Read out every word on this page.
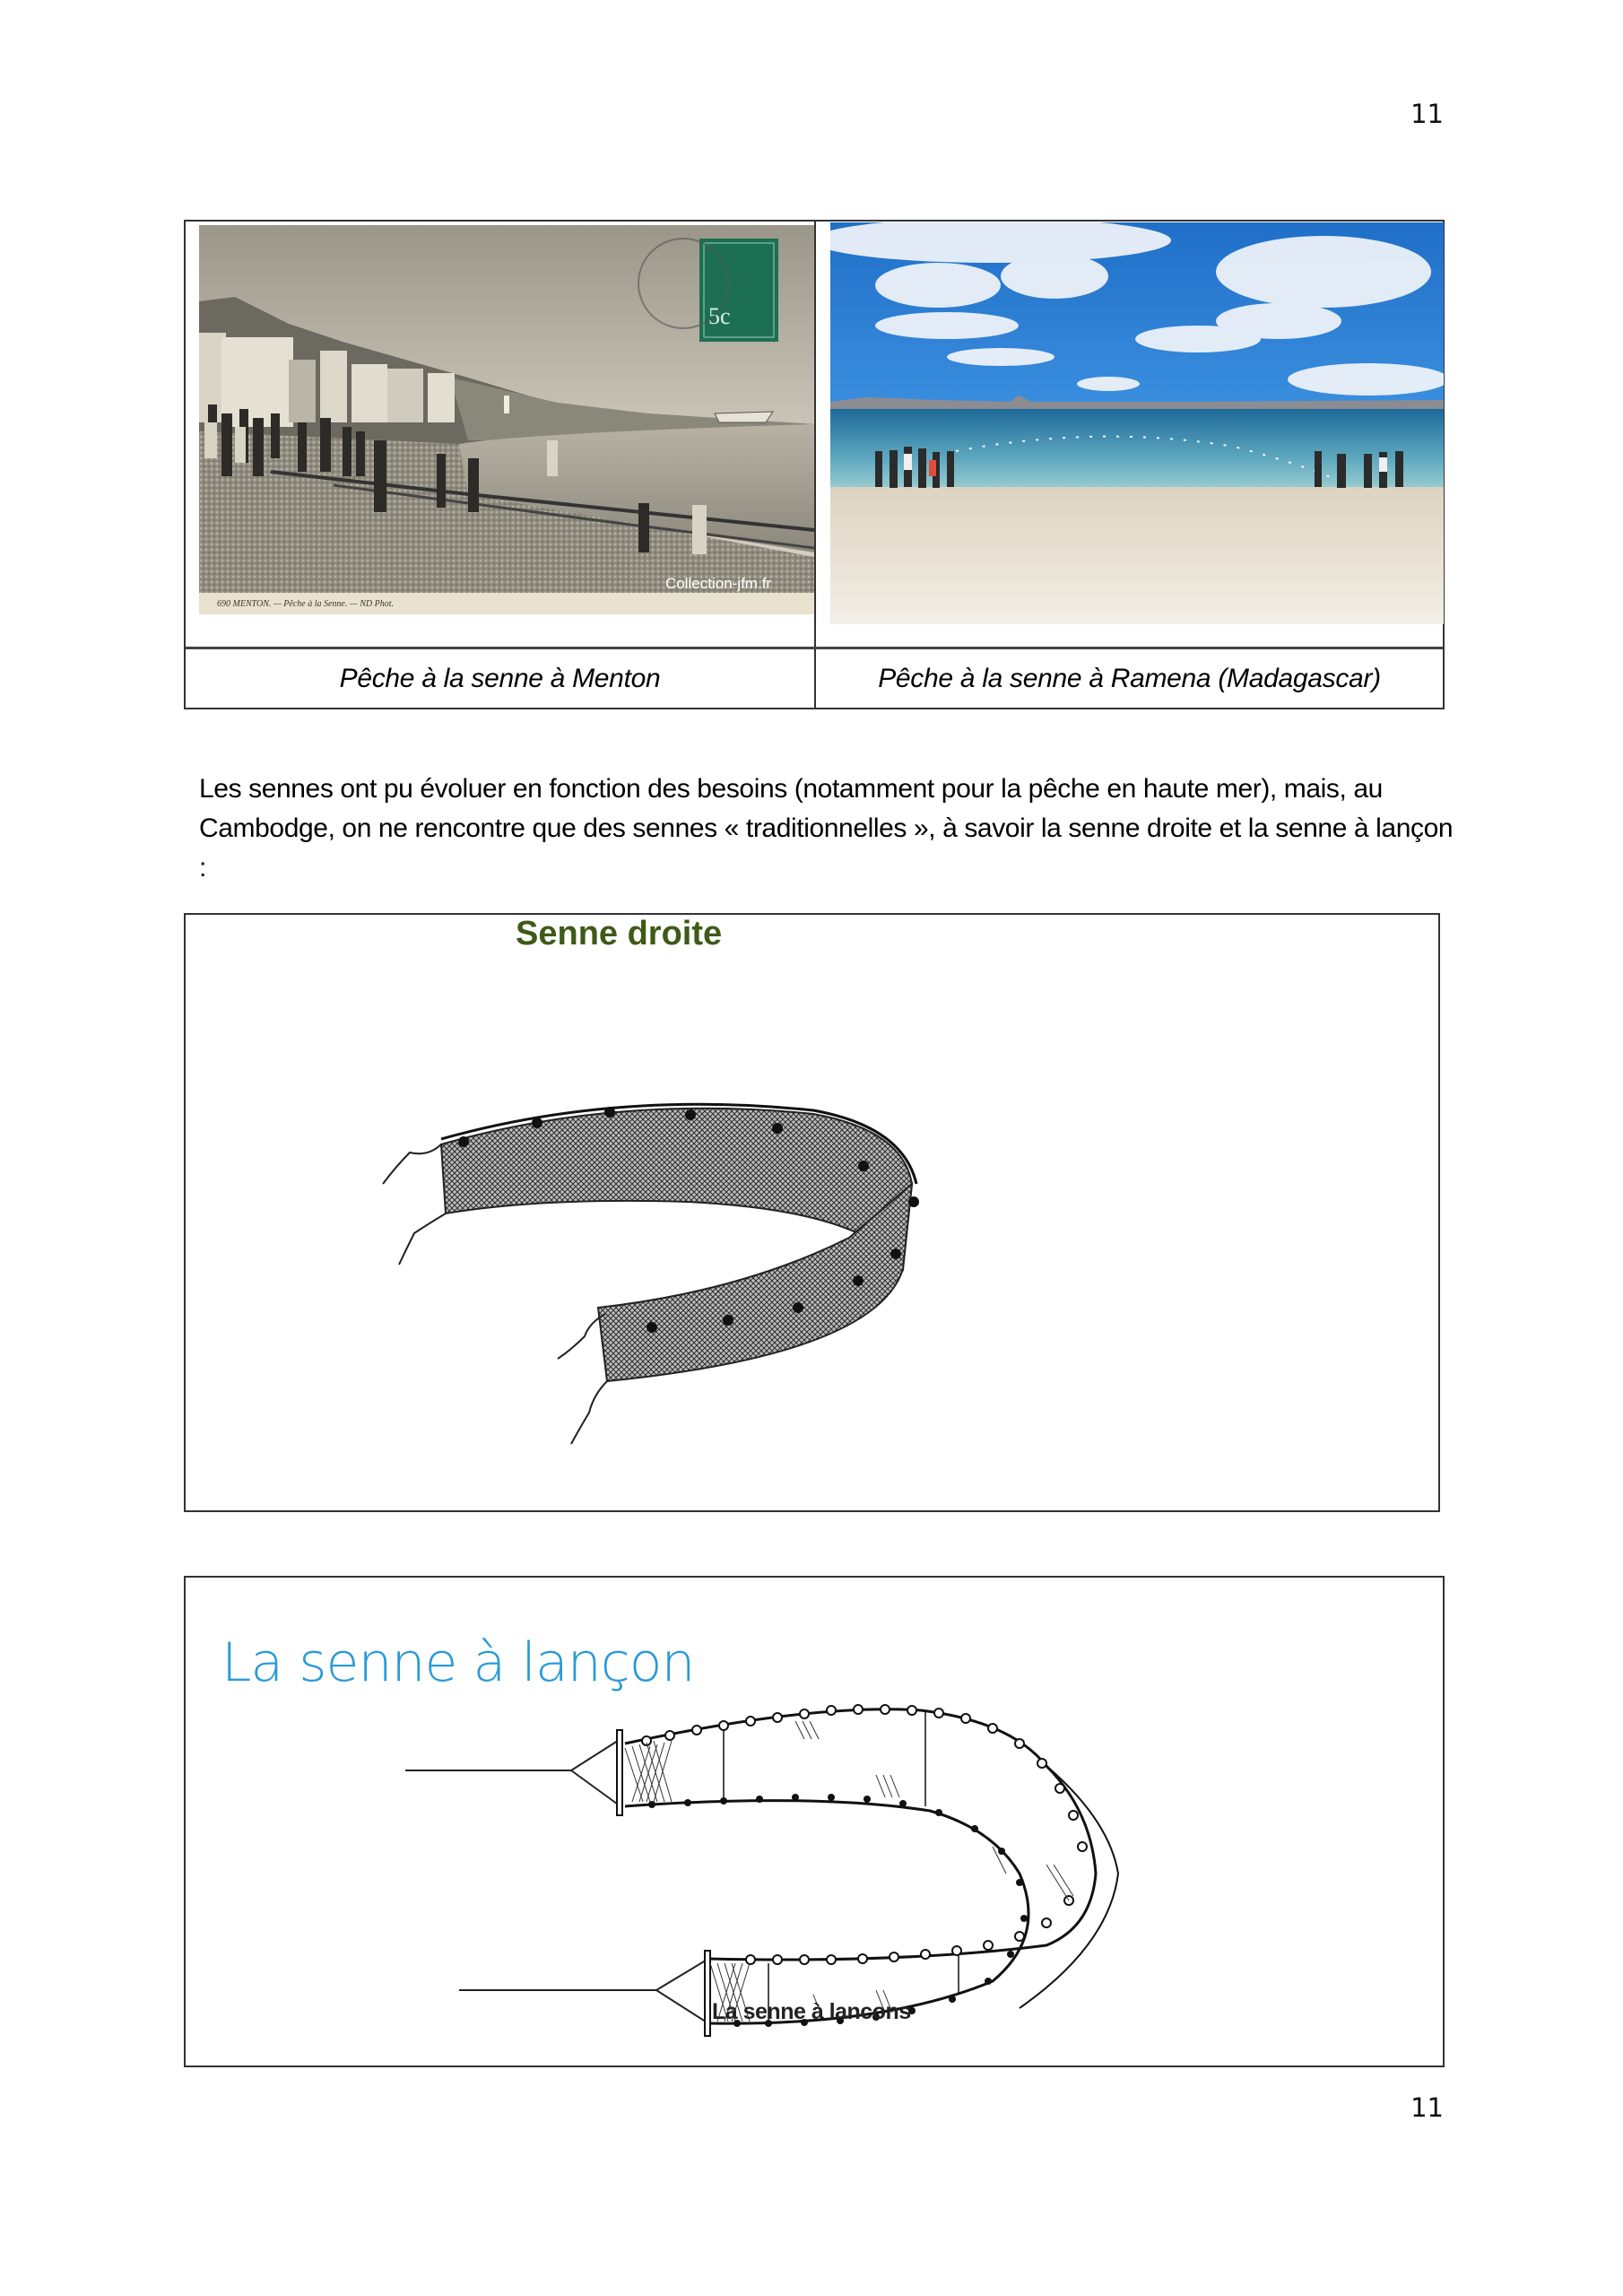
11
5c
690 MENTON. — Pêche à la Senne. — ND Phot.
Collection-jfm.fr
Pêche à la senne à Menton	Pêche à la senne à Ramena (Madagascar)
Les sennes ont pu évoluer en fonction des besoins (notamment pour la pêche en haute mer), mais, au Cambodge, on ne rencontre que des sennes « traditionnelles », à savoir la senne droite et la senne à lançon :
Senne droite
La senne à lançon
La senne à lancons
11
